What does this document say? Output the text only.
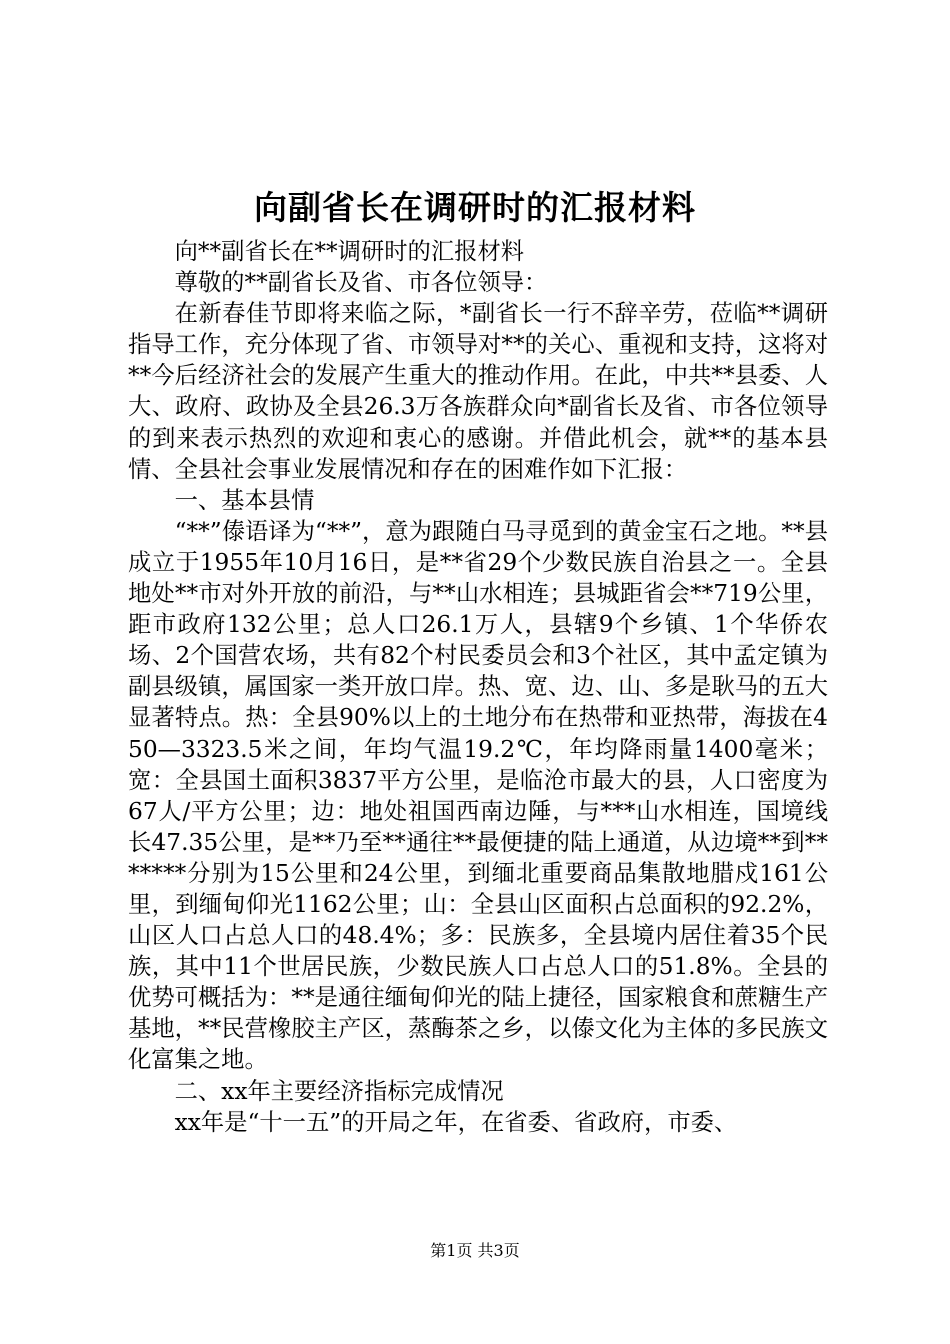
向副省长在调研时的汇报材料

向**副省长在**调研时的汇报材料

尊敬的**副省长及省、市各位领导：

在新春佳节即将来临之际，*副省长一行不辞辛劳，莅临**调研指导工作，充分体现了省、市领导对**的关心、重视和支持，这将对**今后经济社会的发展产生重大的推动作用。在此，中共**县委、人大、政府、政协及全县26.3万各族群众向*副省长及省、市各位领导的到来表示热烈的欢迎和衷心的感谢。并借此机会，就**的基本县情、全县社会事业发展情况和存在的困难作如下汇报：

一、基本县情

“**”傣语译为“**”，意为跟随白马寻觅到的黄金宝石之地。**县成立于1955年10月16日，是**省29个少数民族自治县之一。全县地处**市对外开放的前沿，与**山水相连；县城距省会**719公里，距市政府132公里；总人口26.1万人，县辖9个乡镇、1个华侨农场、2个国营农场，共有82个村民委员会和3个社区，其中孟定镇为副县级镇，属国家一类开放口岸。热、宽、边、山、多是耿马的五大显著特点。热：全县90%以上的土地分布在热带和亚热带，海拔在450—3323.5米之间，年均气温19.2℃，年均降雨量1400毫米；宽：全县国土面积3837平方公里，是临沧市最大的县，人口密度为67人/平方公里；边：地处祖国西南边陲，与***山水相连，国境线长47.35公里，是**乃至**通往**最便捷的陆上通道，从边境**到*******分别为15公里和24公里，到缅北重要商品集散地腊戍161公里，到缅甸仰光1162公里；山：全县山区面积占总面积的92.2%，山区人口占总人口的48.4%；多：民族多，全县境内居住着35个民族，其中11个世居民族，少数民族人口占总人口的51.8%。全县的优势可概括为：**是通往缅甸仰光的陆上捷径，国家粮食和蔗糖生产基地，**民营橡胶主产区，蒸酶茶之乡，以傣文化为主体的多民族文化富集之地。

二、xx年主要经济指标完成情况

xx年是“十一五”的开局之年，在省委、省政府，市委、

第1页 共3页
